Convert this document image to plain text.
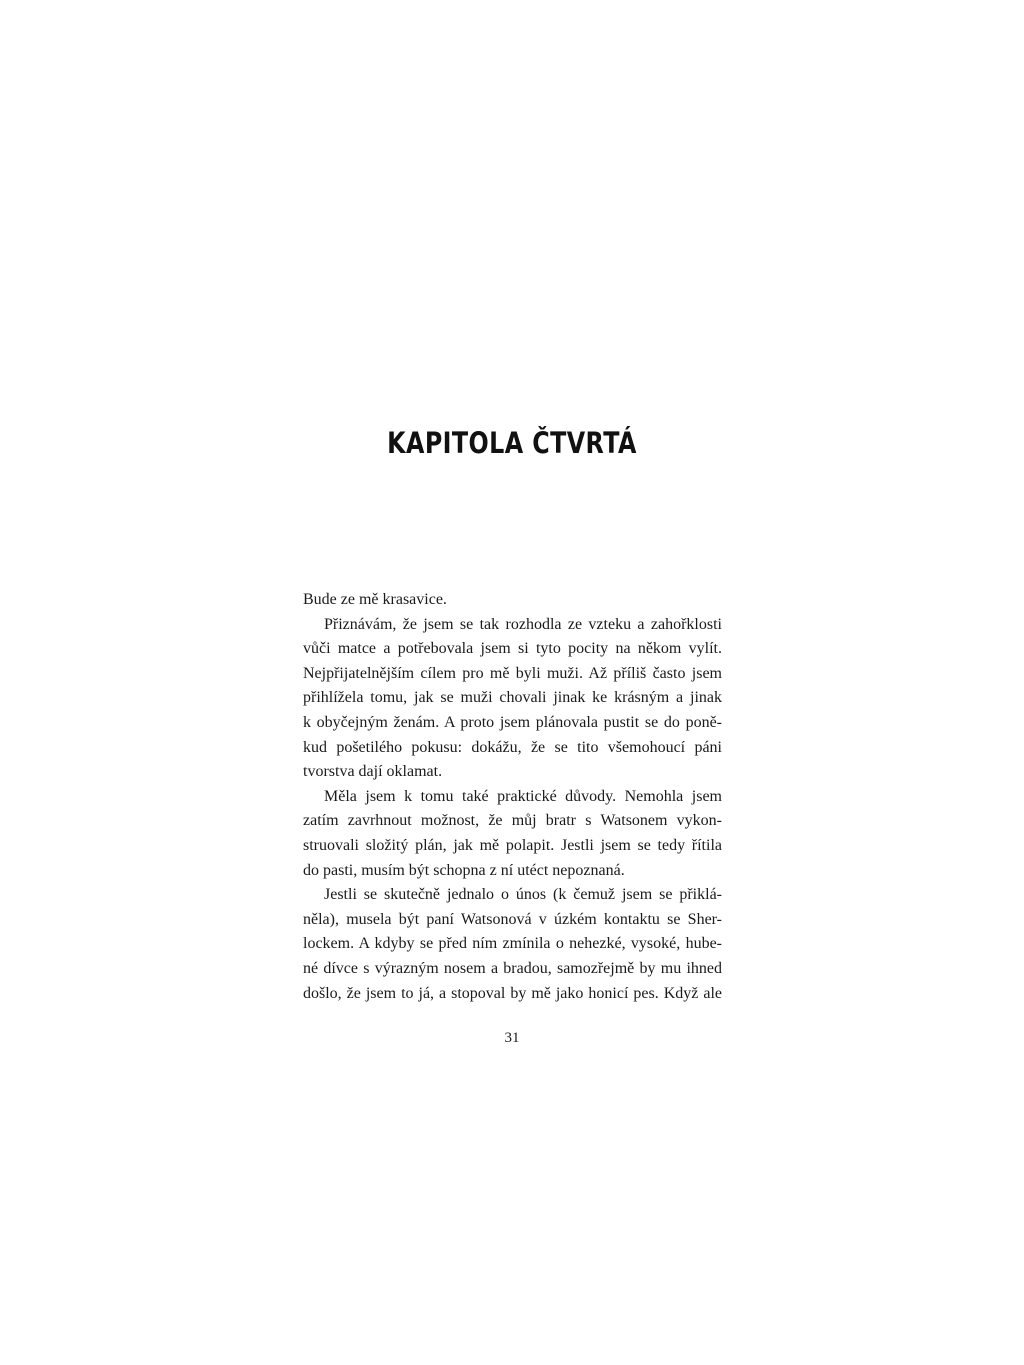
KAPITOLA ČTVRTÁ
Bude ze mě krasavice.
Přiznávám, že jsem se tak rozhodla ze vzteku a zahořklosti
vůči matce a potřebovala jsem si tyto pocity na někom vylít.
Nejpřijatelnějším cílem pro mě byli muži. Až příliš často jsem
přihlížela tomu, jak se muži chovali jinak ke krásným a jinak
k obyčejným ženám. A proto jsem plánovala pustit se do poně-
kud pošetilého pokusu: dokážu, že se tito všemohoucí páni
tvorstva dají oklamat.
Měla jsem k tomu také praktické důvody. Nemohla jsem
zatím zavrhnout možnost, že můj bratr s Watsonem vykon-
struovali složitý plán, jak mě polapit. Jestli jsem se tedy řítila
do pasti, musím být schopna z ní utéct nepoznaná.
Jestli se skutečně jednalo o únos (k čemuž jsem se přiklá-
něla), musela být paní Watsonová v úzkém kontaktu se Sher-
lockem. A kdyby se před ním zmínila o nehezké, vysoké, hube-
né dívce s výrazným nosem a bradou, samozřejmě by mu ihned
došlo, že jsem to já, a stopoval by mě jako honicí pes. Když ale
31
